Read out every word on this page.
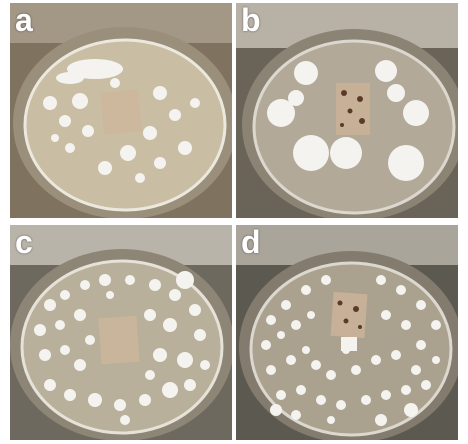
a	b
c	d
